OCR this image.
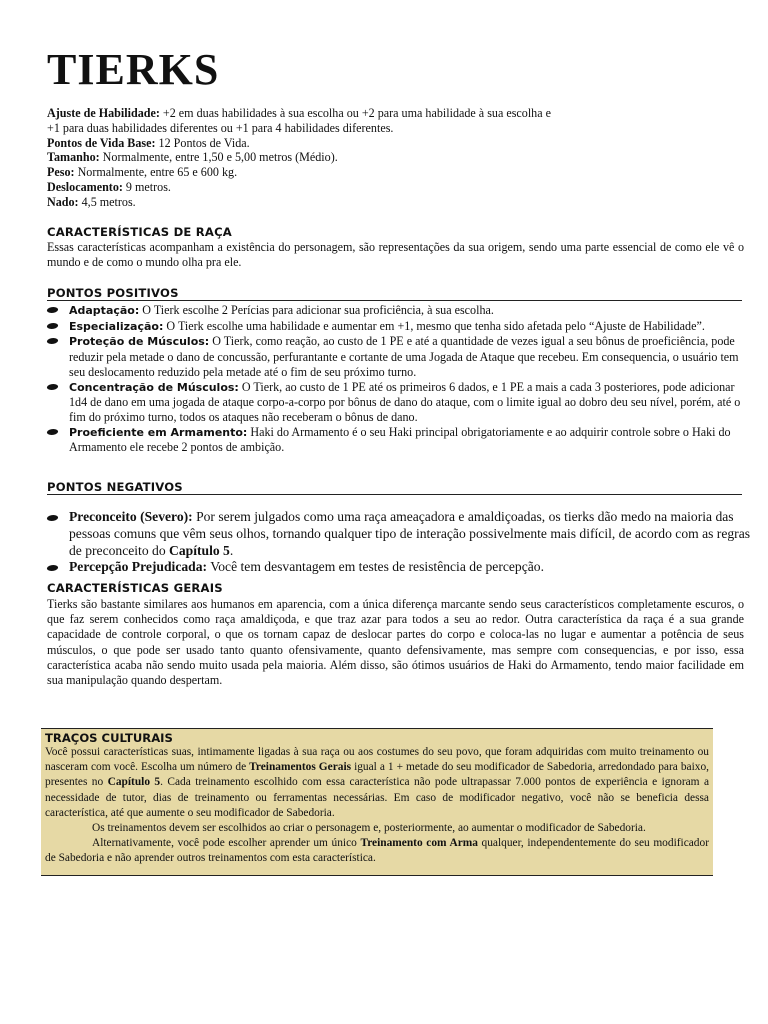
TIERKS
Ajuste de Habilidade: +2 em duas habilidades à sua escolha ou +2 para uma habilidade à sua escolha e
+1 para duas habilidades diferentes ou +1 para 4 habilidades diferentes.
Pontos de Vida Base: 12 Pontos de Vida.
Tamanho: Normalmente, entre 1,50 e 5,00 metros (Médio).
Peso: Normalmente, entre 65 e 600 kg.
Deslocamento: 9 metros.
Nado: 4,5 metros.
CARACTERÍSTICAS DE RAÇA

Essas características acompanham a existência do personagem, são representações da sua origem, sendo uma parte essencial de como ele vê o mundo e de como o mundo olha pra ele.

PONTOS POSITIVOS
Adaptação: O Tierk escolhe 2 Perícias para adicionar sua proficiência, à sua escolha.
Especialização: O Tierk escolhe uma habilidade e aumentar em +1, mesmo que tenha sido afetada pelo “Ajuste de Habilidade”.
Proteção de Músculos: O Tierk, como reação, ao custo de 1 PE e até a quantidade de vezes igual a seu bônus de proeficiência, pode reduzir pela metade o dano de concussão, perfurantante e cortante de uma Jogada de Ataque que recebeu. Em consequencia, o usuário tem seu deslocamento reduzido pela metade até o fim de seu próximo turno.
Concentração de Músculos: O Tierk, ao custo de 1 PE até os primeiros 6 dados, e 1 PE a mais a cada 3 posteriores, pode adicionar 1d4 de dano em uma jogada de ataque corpo-a-corpo por bônus de dano do ataque, com o limite igual ao dobro deu seu nível, porém, até o fim do próximo turno, todos os ataques não receberam o bônus de dano.
Proeficiente em Armamento: Haki do Armamento é o seu Haki principal obrigatoriamente e ao adquirir controle sobre o Haki do Armamento ele recebe 2 pontos de ambição.
PONTOS NEGATIVOS
Preconceito (Severo): Por serem julgados como uma raça ameaçadora e amaldiçoadas, os tierks dão medo na maioria das pessoas comuns que vêm seus olhos, tornando qualquer tipo de interação possivelmente mais difícil, de acordo com as regras de preconceito do Capítulo 5.
Percepção Prejudicada: Você tem desvantagem em testes de resistência de percepção.
CARACTERÍSTICAS GERAIS

Tierks são bastante similares aos humanos em aparencia, com a única diferença marcante sendo seus característicos completamente escuros, o que faz serem conhecidos como raça amaldiçoda, e que traz azar para todos a seu ao redor. Outra característica da raça é a sua grande capacidade de controle corporal, o que os tornam capaz de deslocar partes do corpo e coloca-las no lugar e aumentar a potência de seus músculos, o que pode ser usado tanto quanto ofensivamente, quanto defensivamente, mas sempre com consequencias, e por isso, essa característica acaba não sendo muito usada pela maioria. Além disso, são ótimos usuários de Haki do Armamento, tendo maior facilidade em sua manipulação quando despertam.

TRAÇOS CULTURAIS

Você possui características suas, intimamente ligadas à sua raça ou aos costumes do seu povo, que foram adquiridas com muito treinamento ou nasceram com você. Escolha um número de Treinamentos Gerais igual a 1 + metade do seu modificador de Sabedoria, arredondado para baixo, presentes no Capítulo 5. Cada treinamento escolhido com essa característica não pode ultrapassar 7.000 pontos de experiência e ignoram a necessidade de tutor, dias de treinamento ou ferramentas necessárias. Em caso de modificador negativo, você não se beneficia dessa característica, até que aumente o seu modificador de Sabedoria.

Os treinamentos devem ser escolhidos ao criar o personagem e, posteriormente, ao aumentar o modificador de Sabedoria.

Alternativamente, você pode escolher aprender um único Treinamento com Arma qualquer, independentemente do seu modificador de Sabedoria e não aprender outros treinamentos com esta característica.
